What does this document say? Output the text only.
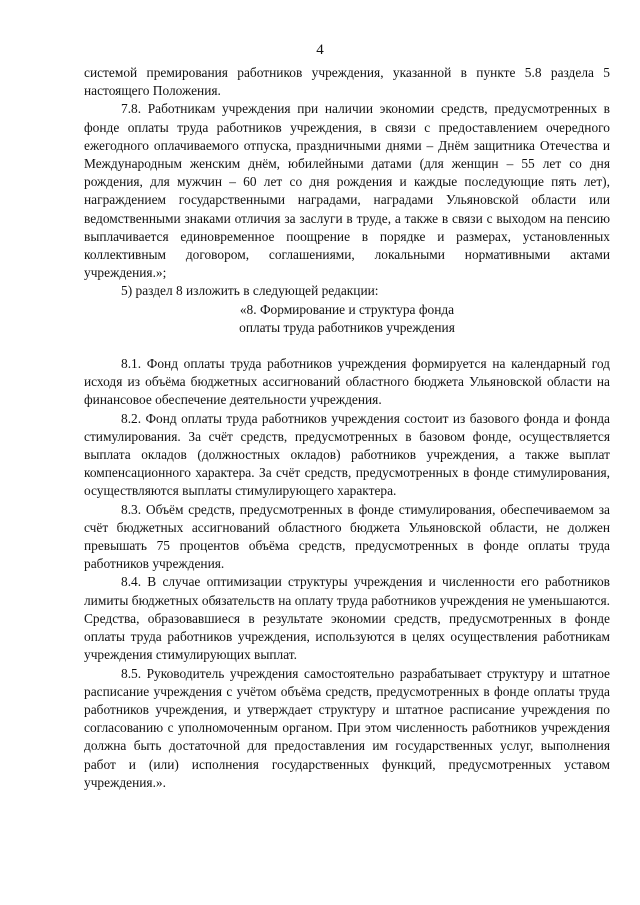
4

системой премирования работников учреждения, указанной в пункте 5.8 раздела 5 настоящего Положения.

7.8. Работникам учреждения при наличии экономии средств, предусмотренных в фонде оплаты труда работников учреждения, в связи с предоставлением очередного ежегодного оплачиваемого отпуска, праздничными днями – Днём защитника Отечества и Международным женским днём, юбилейными датами (для женщин – 55 лет со дня рождения, для мужчин – 60 лет со дня рождения и каждые последующие пять лет), награждением государственными наградами, наградами Ульяновской области или ведомственными знаками отличия за заслуги в труде, а также в связи с выходом на пенсию выплачивается единовременное поощрение в порядке и размерах, установленных коллективным договором, соглашениями, локальными нормативными актами учреждения.»;

5) раздел 8 изложить в следующей редакции:

«8. Формирование и структура фонда

оплаты труда работников учреждения

8.1. Фонд оплаты труда работников учреждения формируется на календарный год исходя из объёма бюджетных ассигнований областного бюджета Ульяновской области на финансовое обеспечение деятельности учреждения.

8.2. Фонд оплаты труда работников учреждения состоит из базового фонда и фонда стимулирования. За счёт средств, предусмотренных в базовом фонде, осуществляется выплата окладов (должностных окладов) работников учреждения, а также выплат компенсационного характера. За счёт средств, предусмотренных в фонде стимулирования, осуществляются выплаты стимулирующего характера.

8.3. Объём средств, предусмотренных в фонде стимулирования, обеспечиваемом за счёт бюджетных ассигнований областного бюджета Ульяновской области, не должен превышать 75 процентов объёма средств, предусмотренных в фонде оплаты труда работников учреждения.

8.4. В случае оптимизации структуры учреждения и численности его работников лимиты бюджетных обязательств на оплату труда работников учреждения не уменьшаются. Средства, образовавшиеся в результате экономии средств, предусмотренных в фонде оплаты труда работников учреждения, используются в целях осуществления работникам учреждения стимулирующих выплат.

8.5. Руководитель учреждения самостоятельно разрабатывает структуру и штатное расписание учреждения с учётом объёма средств, предусмотренных в фонде оплаты труда работников учреждения, и утверждает структуру и штатное расписание учреждения по согласованию с уполномоченным органом. При этом численность работников учреждения должна быть достаточной для предоставления им государственных услуг, выполнения работ и (или) исполнения государственных функций, предусмотренных уставом учреждения.».
